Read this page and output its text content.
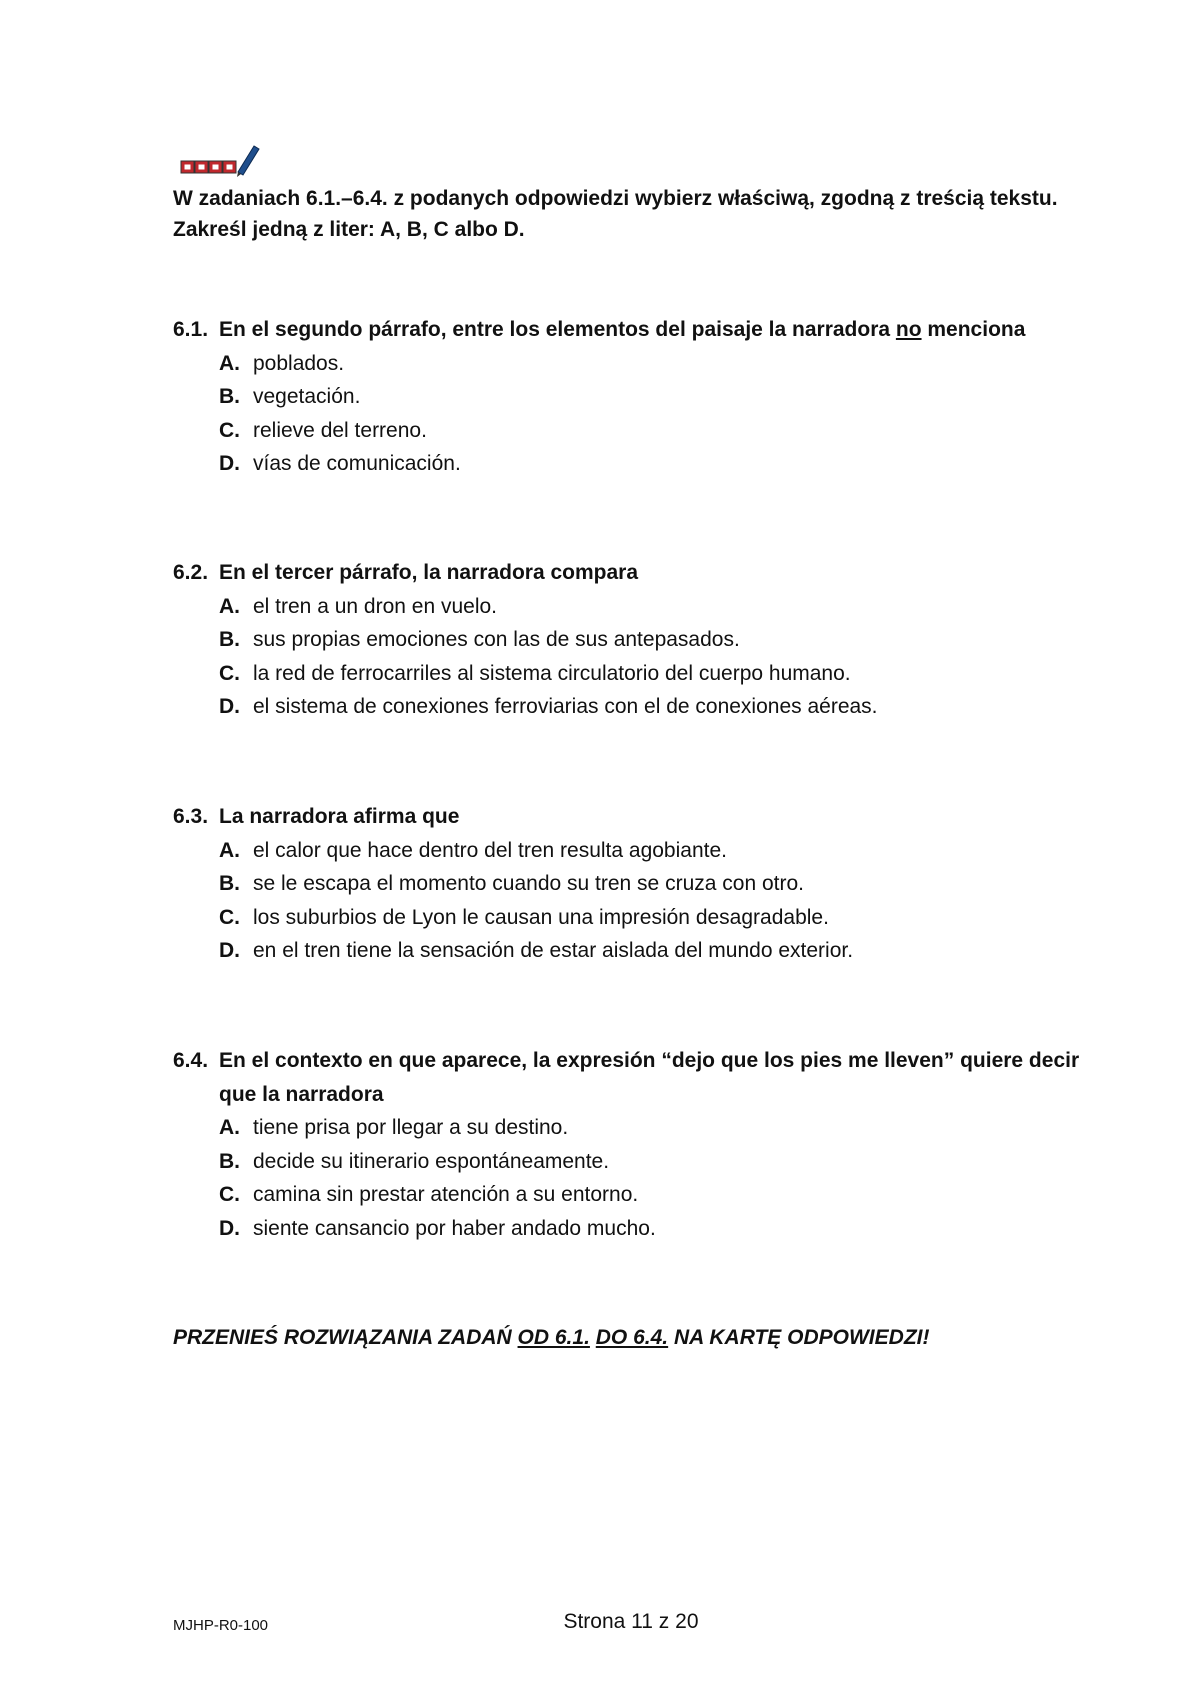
W zadaniach 6.1.–6.4. z podanych odpowiedzi wybierz właściwą, zgodną z treścią tekstu. Zakreśl jedną z liter: A, B, C albo D.
6.1. En el segundo párrafo, entre los elementos del paisaje la narradora no menciona
A. poblados.
B. vegetación.
C. relieve del terreno.
D. vías de comunicación.
6.2. En el tercer párrafo, la narradora compara
A. el tren a un dron en vuelo.
B. sus propias emociones con las de sus antepasados.
C. la red de ferrocarriles al sistema circulatorio del cuerpo humano.
D. el sistema de conexiones ferroviarias con el de conexiones aéreas.
6.3. La narradora afirma que
A. el calor que hace dentro del tren resulta agobiante.
B. se le escapa el momento cuando su tren se cruza con otro.
C. los suburbios de Lyon le causan una impresión desagradable.
D. en el tren tiene la sensación de estar aislada del mundo exterior.
6.4. En el contexto en que aparece, la expresión “dejo que los pies me lleven” quiere decir que la narradora
A. tiene prisa por llegar a su destino.
B. decide su itinerario espontáneamente.
C. camina sin prestar atención a su entorno.
D. siente cansancio por haber andado mucho.
PRZENIEŚ ROZWIĄZANIA ZADAŃ OD 6.1. DO 6.4. NA KARTĘ ODPOWIEDZI!
MJHP-R0-100	Strona 11 z 20
